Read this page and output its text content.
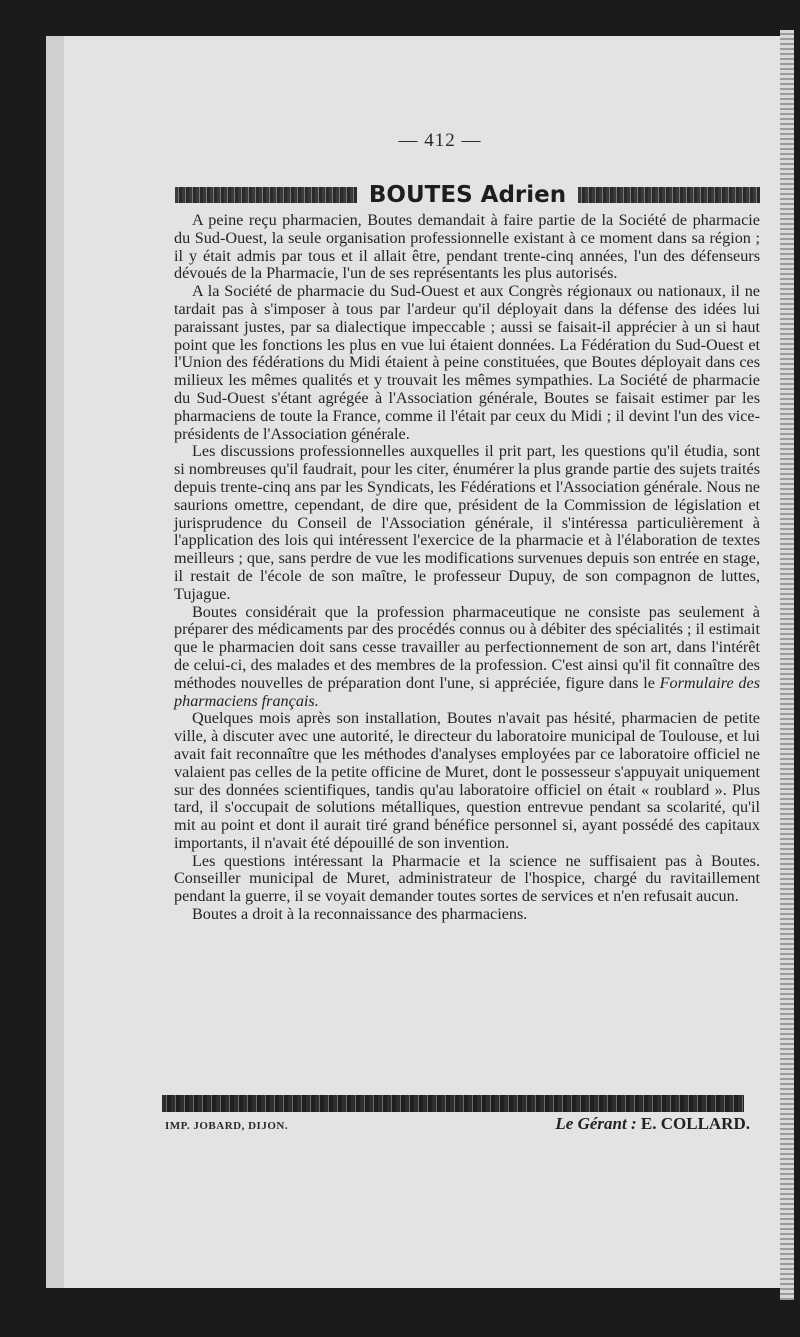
— 412 —
BOUTES Adrien

A peine reçu pharmacien, Boutes demandait à faire partie de la Société de pharmacie du Sud-Ouest, la seule organisation professionnelle existant à ce moment dans sa région ; il y était admis par tous et il allait être, pendant trente-cinq années, l'un des défenseurs dévoués de la Pharmacie, l'un de ses représentants les plus autorisés.

A la Société de pharmacie du Sud-Ouest et aux Congrès régionaux ou nationaux, il ne tardait pas à s'imposer à tous par l'ardeur qu'il déployait dans la défense des idées lui paraissant justes, par sa dialectique impeccable ; aussi se faisait-il apprécier à un si haut point que les fonctions les plus en vue lui étaient données. La Fédération du Sud-Ouest et l'Union des fédérations du Midi étaient à peine constituées, que Boutes déployait dans ces milieux les mêmes qualités et y trouvait les mêmes sympathies. La Société de pharmacie du Sud-Ouest s'étant agrégée à l'Association générale, Boutes se faisait estimer par les pharmaciens de toute la France, comme il l'était par ceux du Midi ; il devint l'un des vice-présidents de l'Association générale.

Les discussions professionnelles auxquelles il prit part, les questions qu'il étudia, sont si nombreuses qu'il faudrait, pour les citer, énumérer la plus grande partie des sujets traités depuis trente-cinq ans par les Syndicats, les Fédérations et l'Association générale. Nous ne saurions omettre, cependant, de dire que, président de la Commission de législation et jurisprudence du Conseil de l'Association générale, il s'intéressa particulièrement à l'application des lois qui intéressent l'exercice de la pharmacie et à l'élaboration de textes meilleurs ; que, sans perdre de vue les modifications survenues depuis son entrée en stage, il restait de l'école de son maître, le professeur Dupuy, de son compagnon de luttes, Tujague.

Boutes considérait que la profession pharmaceutique ne consiste pas seulement à préparer des médicaments par des procédés connus ou à débiter des spécialités ; il estimait que le pharmacien doit sans cesse travailler au perfectionnement de son art, dans l'intérêt de celui-ci, des malades et des membres de la profession. C'est ainsi qu'il fit connaître des méthodes nouvelles de préparation dont l'une, si appréciée, figure dans le Formulaire des pharmaciens français.

Quelques mois après son installation, Boutes n'avait pas hésité, pharmacien de petite ville, à discuter avec une autorité, le directeur du laboratoire municipal de Toulouse, et lui avait fait reconnaître que les méthodes d'analyses employées par ce laboratoire officiel ne valaient pas celles de la petite officine de Muret, dont le possesseur s'appuyait uniquement sur des données scientifiques, tandis qu'au laboratoire officiel on était « roublard ». Plus tard, il s'occupait de solutions métalliques, question entrevue pendant sa scolarité, qu'il mit au point et dont il aurait tiré grand bénéfice personnel si, ayant possédé des capitaux importants, il n'avait été dépouillé de son invention.

Les questions intéressant la Pharmacie et la science ne suffisaient pas à Boutes. Conseiller municipal de Muret, administrateur de l'hospice, chargé du ravitaillement pendant la guerre, il se voyait demander toutes sortes de services et n'en refusait aucun.

Boutes a droit à la reconnaissance des pharmaciens.

IMP. JOBARD, DIJON.	Le Gérant : E. COLLARD.
